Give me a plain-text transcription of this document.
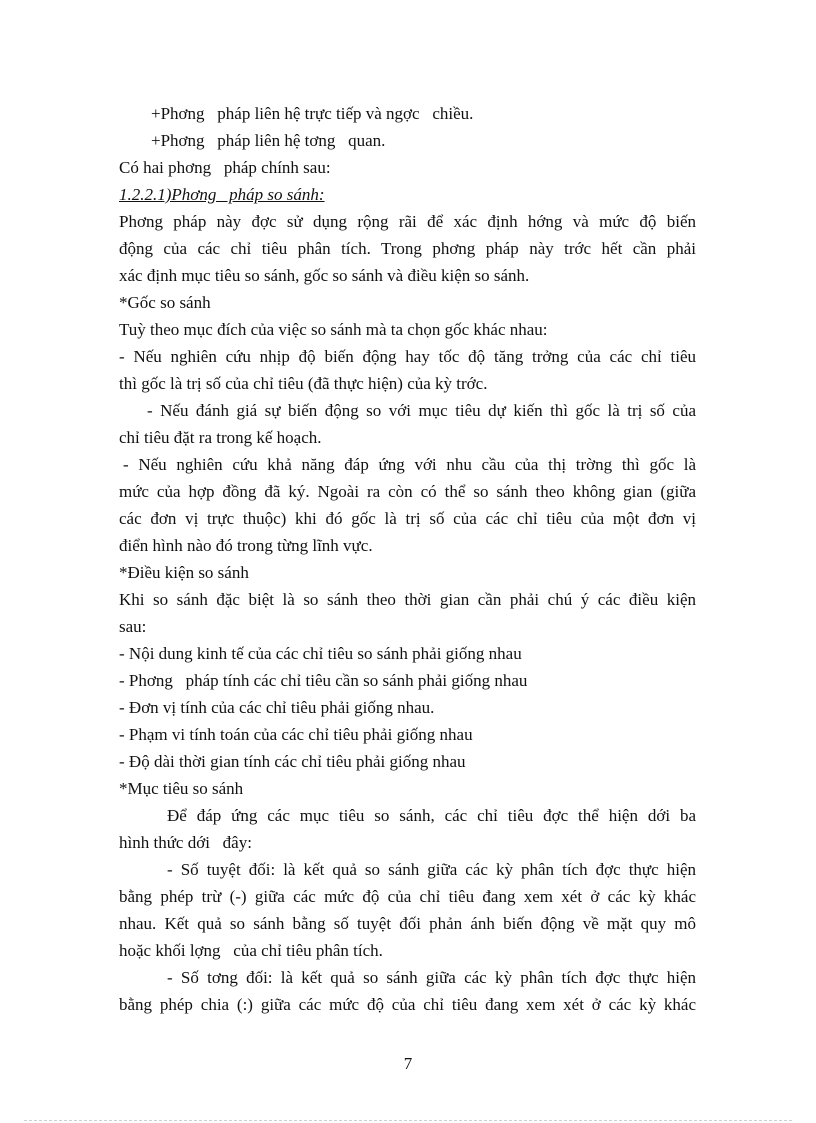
+Phơng   pháp liên hệ trực tiếp và ngợc   chiều.
+Phơng   pháp liên hệ tơng   quan.
Có hai phơng   pháp chính sau:
1.2.2.1)Phơng   pháp so sánh:
Phơng pháp này đợc sử dụng rộng rãi để xác định hớng và mức độ biến
động của các chỉ tiêu phân tích. Trong phơng pháp này trớc hết cần phải
xác định mục tiêu so sánh, gốc so sánh và điều kiện so sánh.
*Gốc so sánh
Tuỳ theo mục đích của việc so sánh mà ta chọn gốc khác nhau:
- Nếu nghiên cứu nhịp độ biến động hay tốc độ tăng trởng của các chỉ tiêu
thì gốc là trị số của chỉ tiêu (đã thực hiện) của kỳ trớc.
- Nếu đánh giá sự biến động so với mục tiêu dự kiến thì gốc là trị số của
chỉ tiêu đặt ra trong kế hoạch.
- Nếu nghiên cứu khả năng đáp ứng với nhu cầu của thị trờng thì gốc là
mức của hợp đồng đã ký. Ngoài ra còn có thể so sánh theo không gian (giữa
các đơn vị trực thuộc) khi đó gốc là trị số của các chỉ tiêu của một đơn vị
điển hình nào đó trong từng lĩnh vực.
*Điều kiện so sánh
Khi so sánh đặc biệt là so sánh theo thời gian cần phải chú ý các điều kiện
sau:
- Nội dung kinh tế của các chỉ tiêu so sánh phải giống nhau
- Phơng   pháp tính các chỉ tiêu cần so sánh phải giống nhau
- Đơn vị tính của các chỉ tiêu phải giống nhau.
- Phạm vi tính toán của các chỉ tiêu phải giống nhau
- Độ dài thời gian tính các chỉ tiêu phải giống nhau
*Mục tiêu so sánh
Để đáp ứng các mục tiêu so sánh, các chỉ tiêu đợc thể hiện dới ba
hình thức dới   đây:
- Số tuyệt đối: là kết quả so sánh giữa các kỳ phân tích đợc thực hiện
bằng phép trừ (-) giữa các mức độ của chỉ tiêu đang xem xét ở các kỳ khác
nhau. Kết quả so sánh bằng số tuyệt đối phản ánh biến động về mặt quy mô
hoặc khối lợng   của chỉ tiêu phân tích.
- Số tơng đối: là kết quả so sánh giữa các kỳ phân tích đợc thực hiện
bằng phép chia (:) giữa các mức độ của chỉ tiêu đang xem xét ở các kỳ khác
7
